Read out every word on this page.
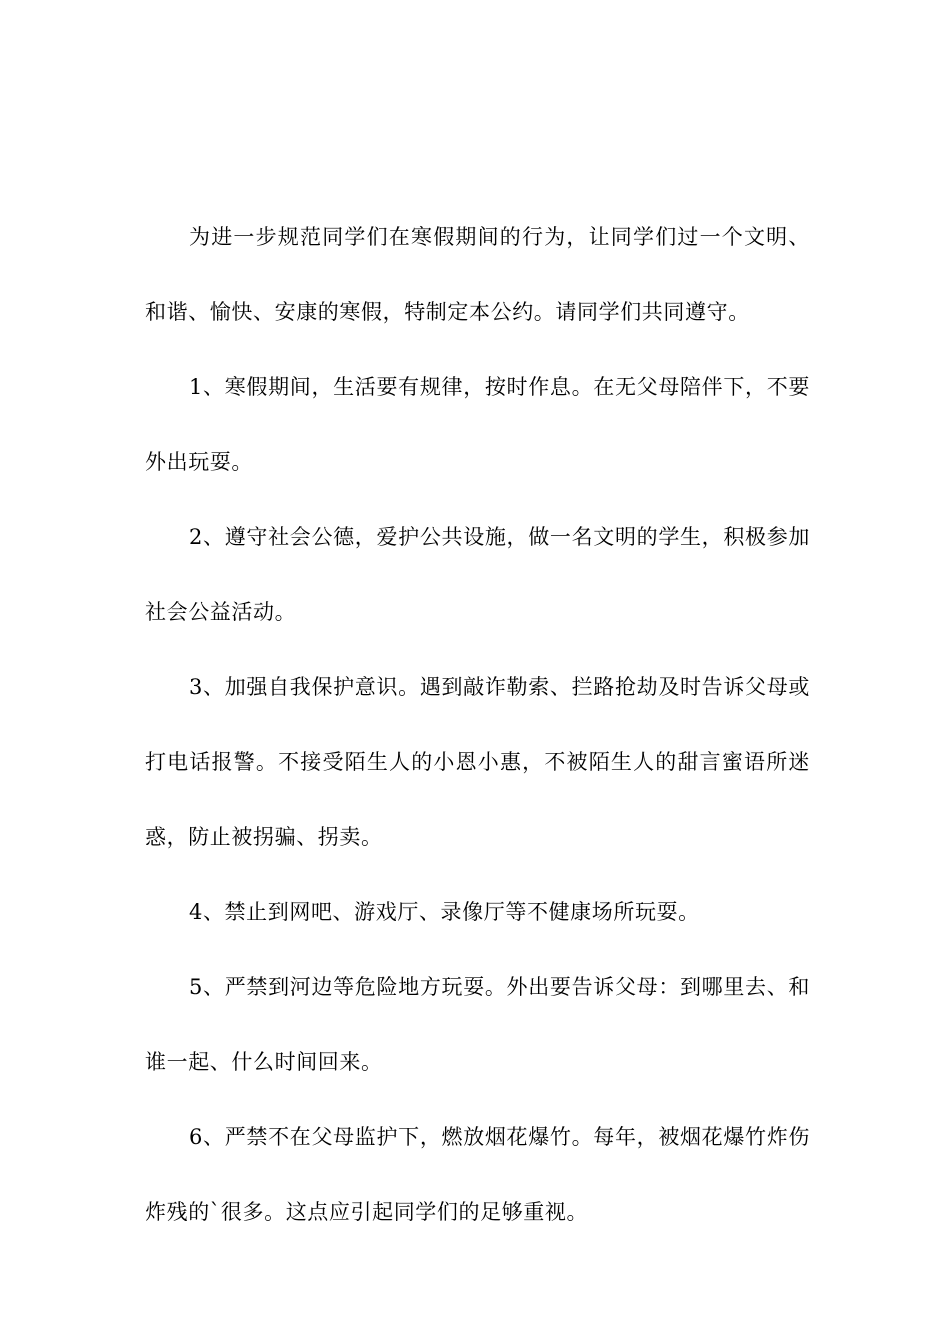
为进一步规范同学们在寒假期间的行为，让同学们过一个文明、和谐、愉快、安康的寒假，特制定本公约。请同学们共同遵守。

1、寒假期间，生活要有规律，按时作息。在无父母陪伴下，不要外出玩耍。

2、遵守社会公德，爱护公共设施，做一名文明的学生，积极参加社会公益活动。

3、加强自我保护意识。遇到敲诈勒索、拦路抢劫及时告诉父母或打电话报警。不接受陌生人的小恩小惠，不被陌生人的甜言蜜语所迷惑，防止被拐骗、拐卖。

4、禁止到网吧、游戏厅、录像厅等不健康场所玩耍。

5、严禁到河边等危险地方玩耍。外出要告诉父母：到哪里去、和谁一起、什么时间回来。

6、严禁不在父母监护下，燃放烟花爆竹。每年，被烟花爆竹炸伤炸残的`很多。这点应引起同学们的足够重视。
